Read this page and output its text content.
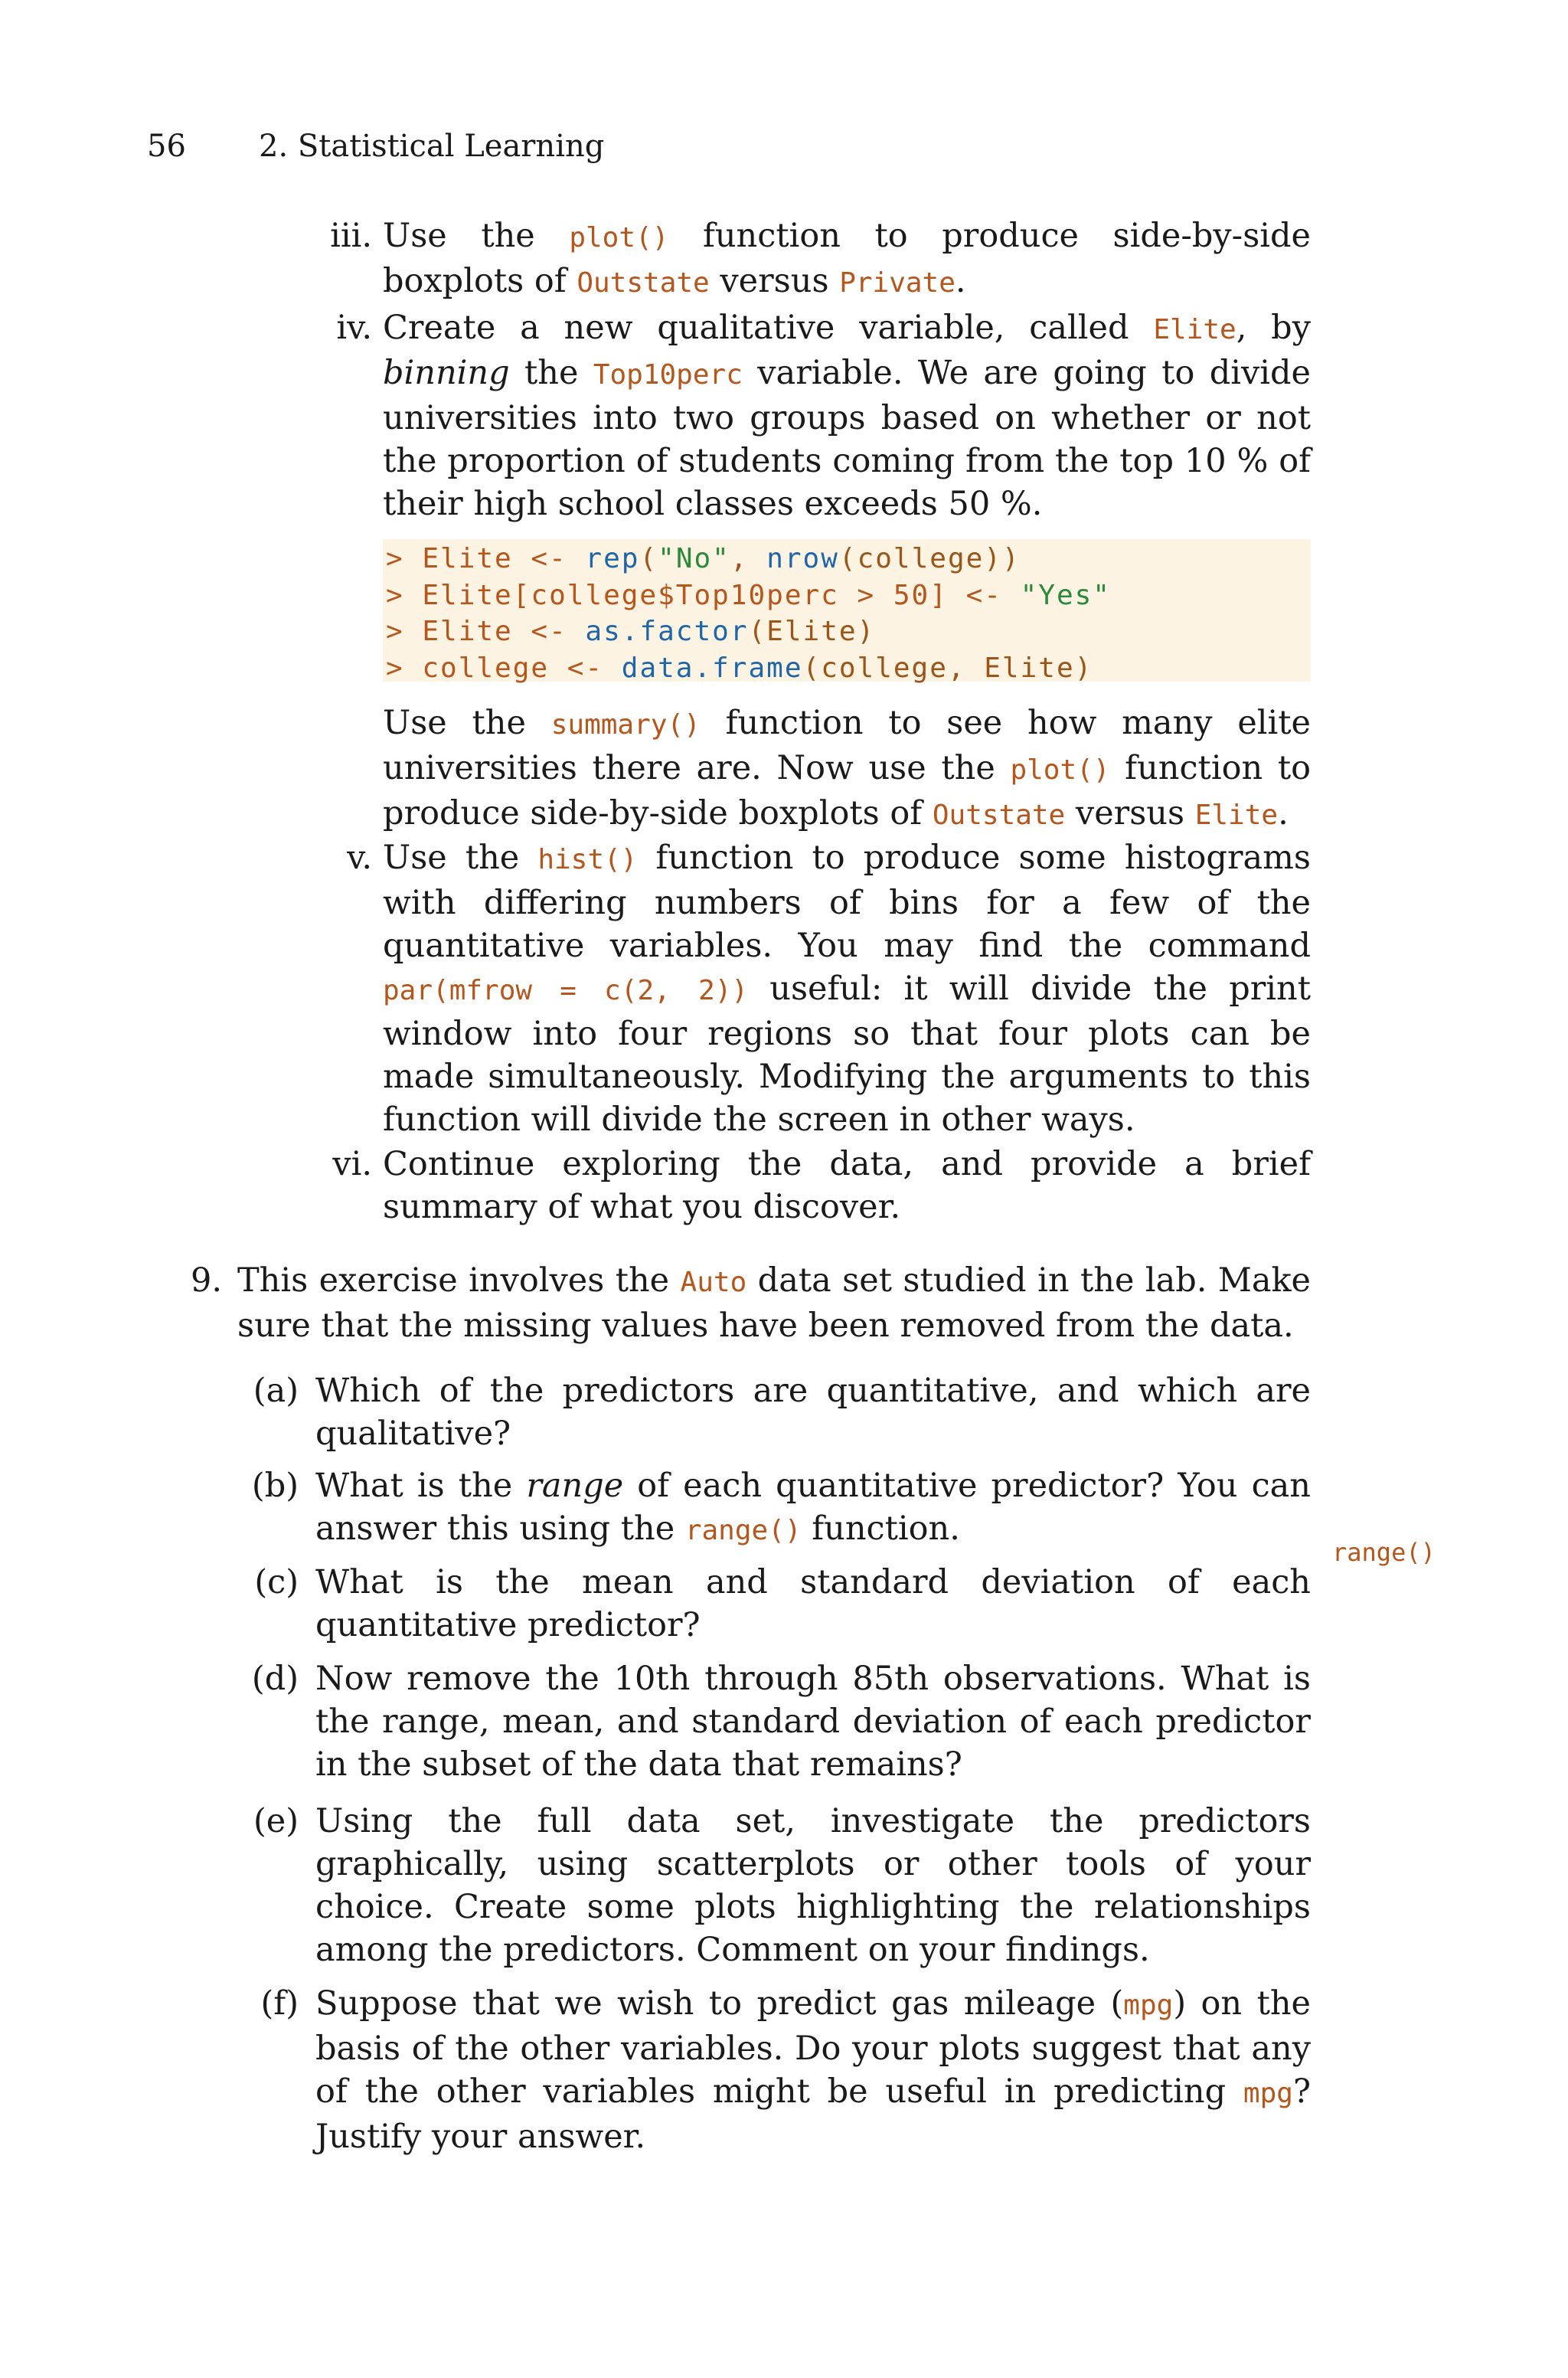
56 2. Statistical Learning
iii. Use the plot() function to produce side-by-side boxplots of Outstate versus Private.
iv. Create a new qualitative variable, called Elite, by binning the Top10perc variable. We are going to divide universities into two groups based on whether or not the proportion of students coming from the top 10 % of their high school classes exceeds 50 %.
> Elite <- rep("No", nrow(college))
> Elite[college$Top10perc > 50] <- "Yes"
> Elite <- as.factor(Elite)
> college <- data.frame(college, Elite)
Use the summary() function to see how many elite universities there are. Now use the plot() function to produce side-by-side boxplots of Outstate versus Elite.
v. Use the hist() function to produce some histograms with differing numbers of bins for a few of the quantitative variables. You may find the command par(mfrow = c(2, 2)) useful: it will divide the print window into four regions so that four plots can be made simultaneously. Modifying the arguments to this function will divide the screen in other ways.
vi. Continue exploring the data, and provide a brief summary of what you discover.
9. This exercise involves the Auto data set studied in the lab. Make sure that the missing values have been removed from the data.
(a) Which of the predictors are quantitative, and which are qualitative?
(b) What is the range of each quantitative predictor? You can answer this using the range() function.
range()
(c) What is the mean and standard deviation of each quantitative predictor?
(d) Now remove the 10th through 85th observations. What is the range, mean, and standard deviation of each predictor in the subset of the data that remains?
(e) Using the full data set, investigate the predictors graphically, using scatterplots or other tools of your choice. Create some plots highlighting the relationships among the predictors. Comment on your findings.
(f) Suppose that we wish to predict gas mileage (mpg) on the basis of the other variables. Do your plots suggest that any of the other variables might be useful in predicting mpg? Justify your answer.
